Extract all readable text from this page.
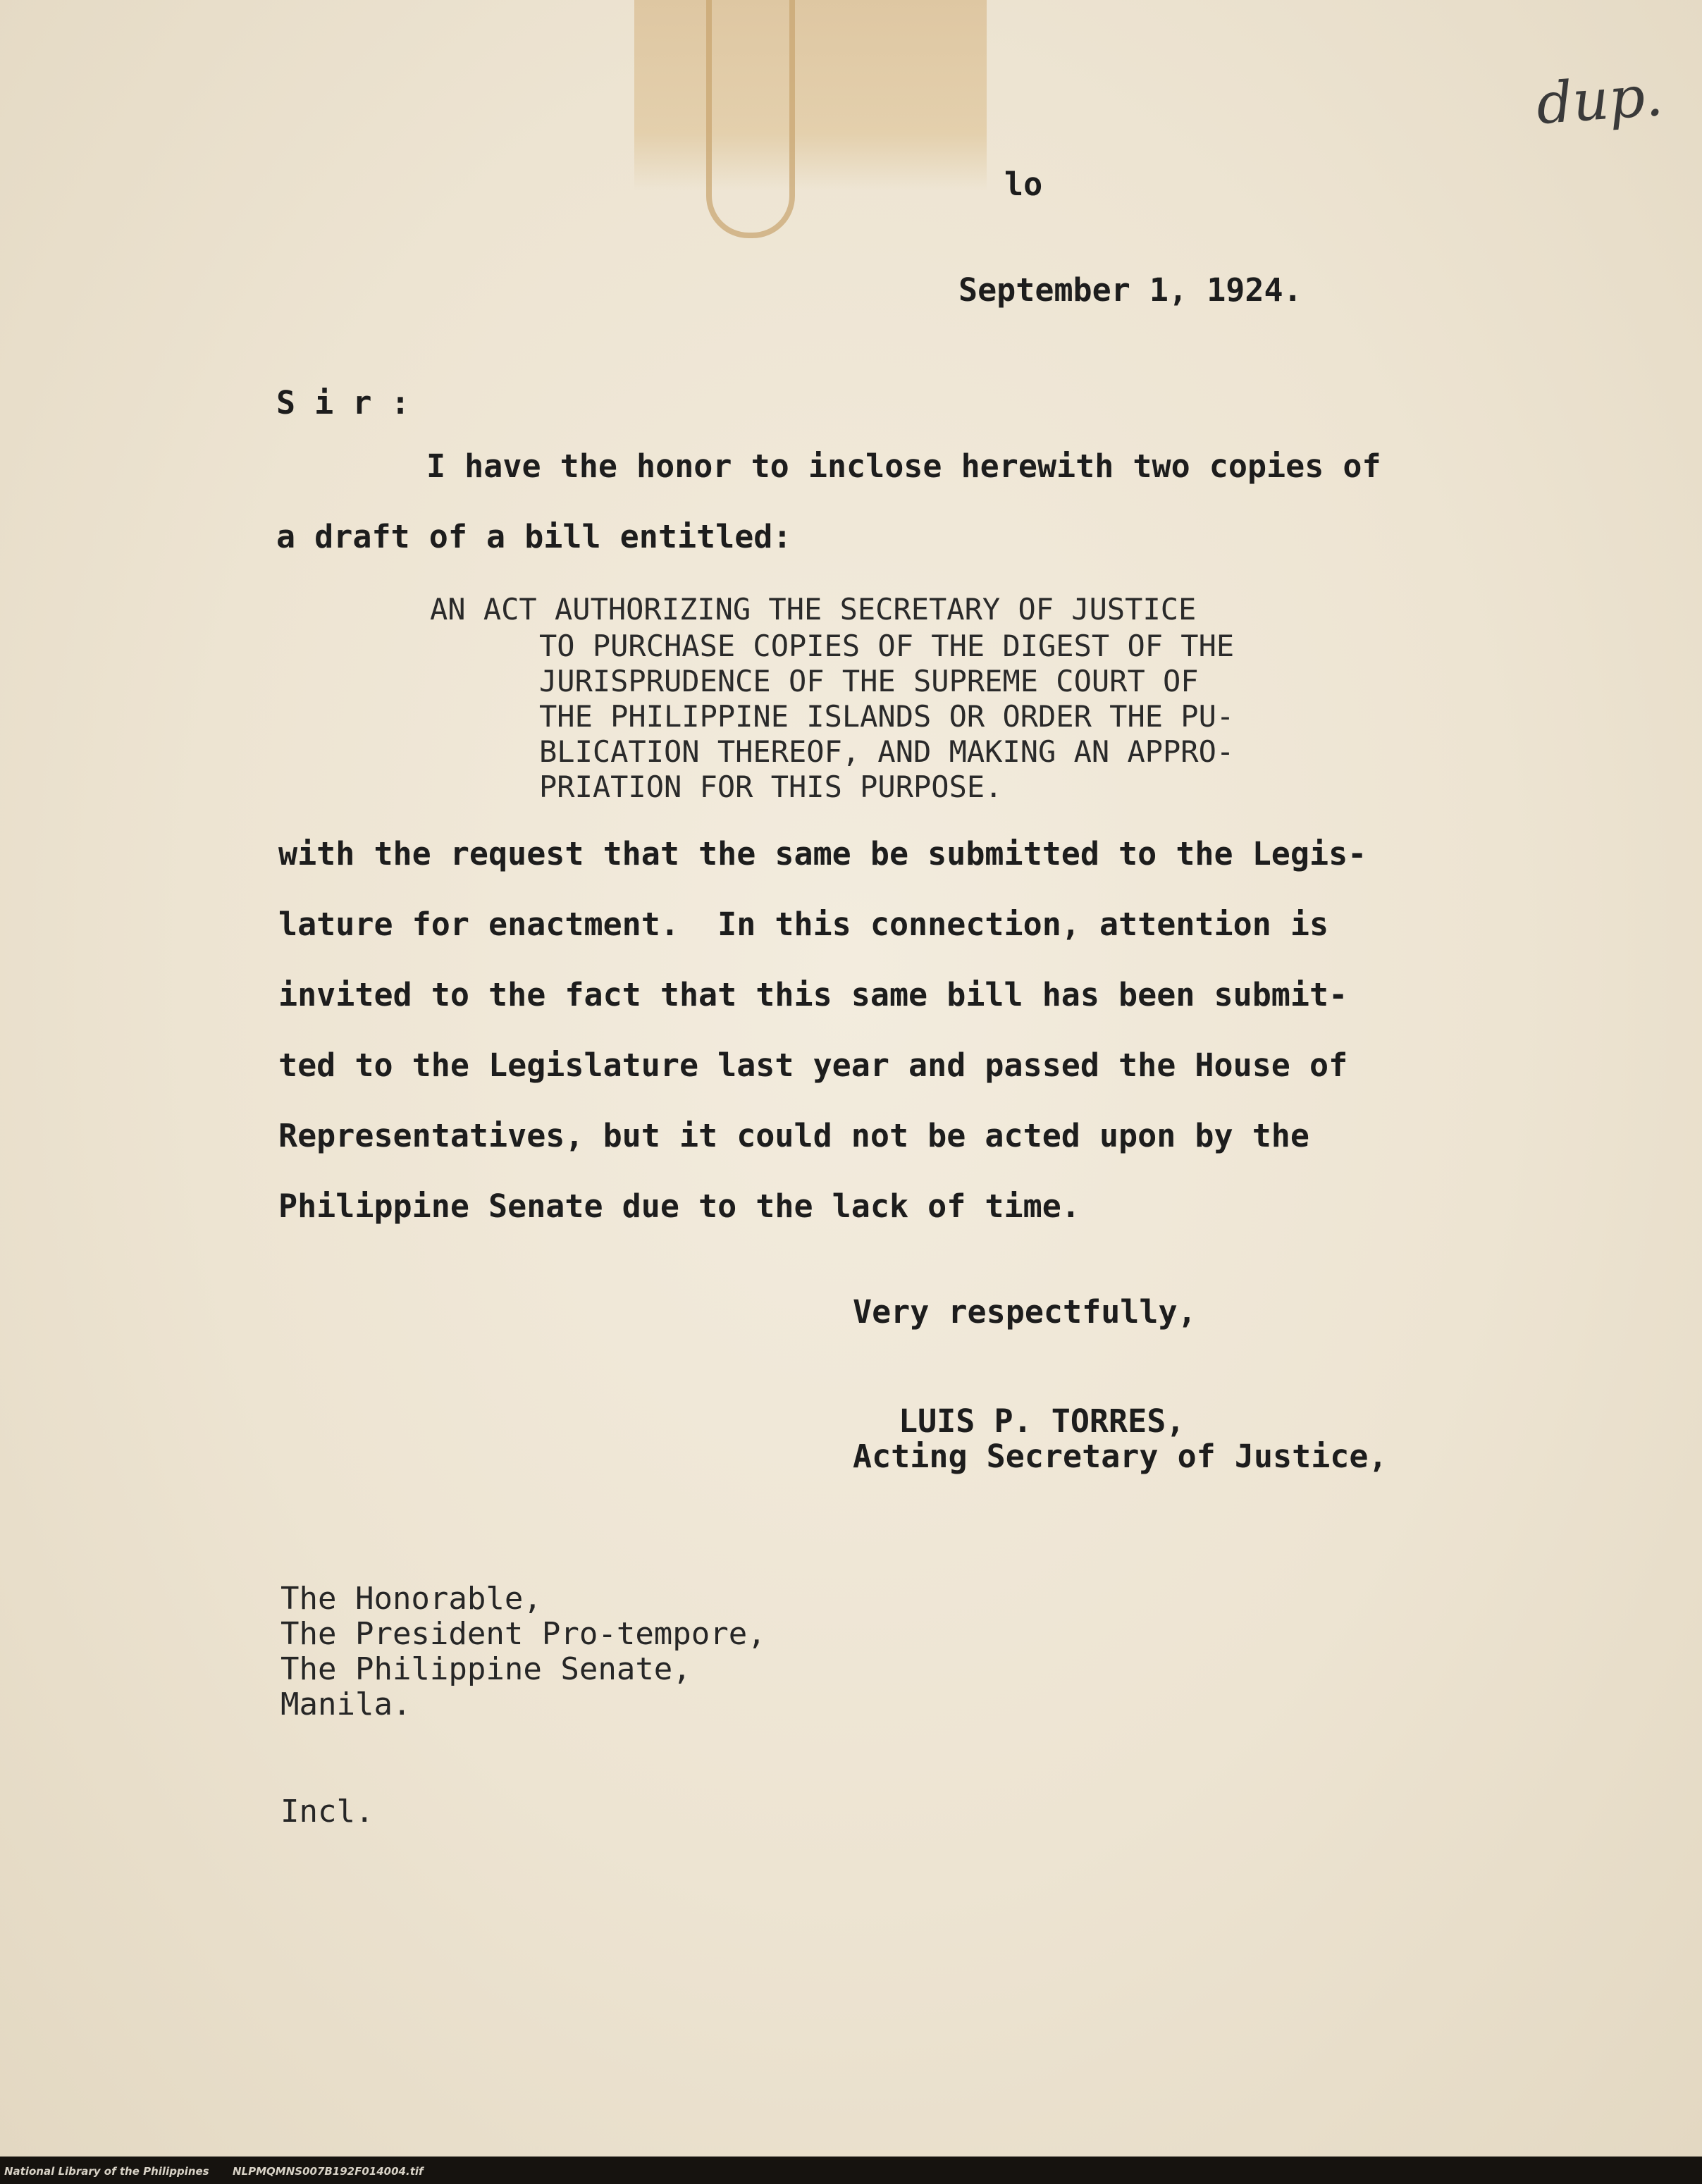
dup.
lo
September 1, 1924.
S i r :
I have the honor to inclose herewith two copies of
a draft of a bill entitled:
AN ACT AUTHORIZING THE SECRETARY OF JUSTICE
TO PURCHASE COPIES OF THE DIGEST OF THE
JURISPRUDENCE OF THE SUPREME COURT OF
THE PHILIPPINE ISLANDS OR ORDER THE PU-
BLICATION THEREOF, AND MAKING AN APPRO-
PRIATION FOR THIS PURPOSE.
with the request that the same be submitted to the Legis-
lature for enactment.  In this connection, attention is
invited to the fact that this same bill has been submit-
ted to the Legislature last year and passed the House of
Representatives, but it could not be acted upon by the
Philippine Senate due to the lack of time.
Very respectfully,
LUIS P. TORRES,
Acting Secretary of Justice,
The Honorable,
The President Pro-tempore,
The Philippine Senate,
Manila.
Incl.
National Library of the Philippines NLPMQMNS007B192F014004.tif
